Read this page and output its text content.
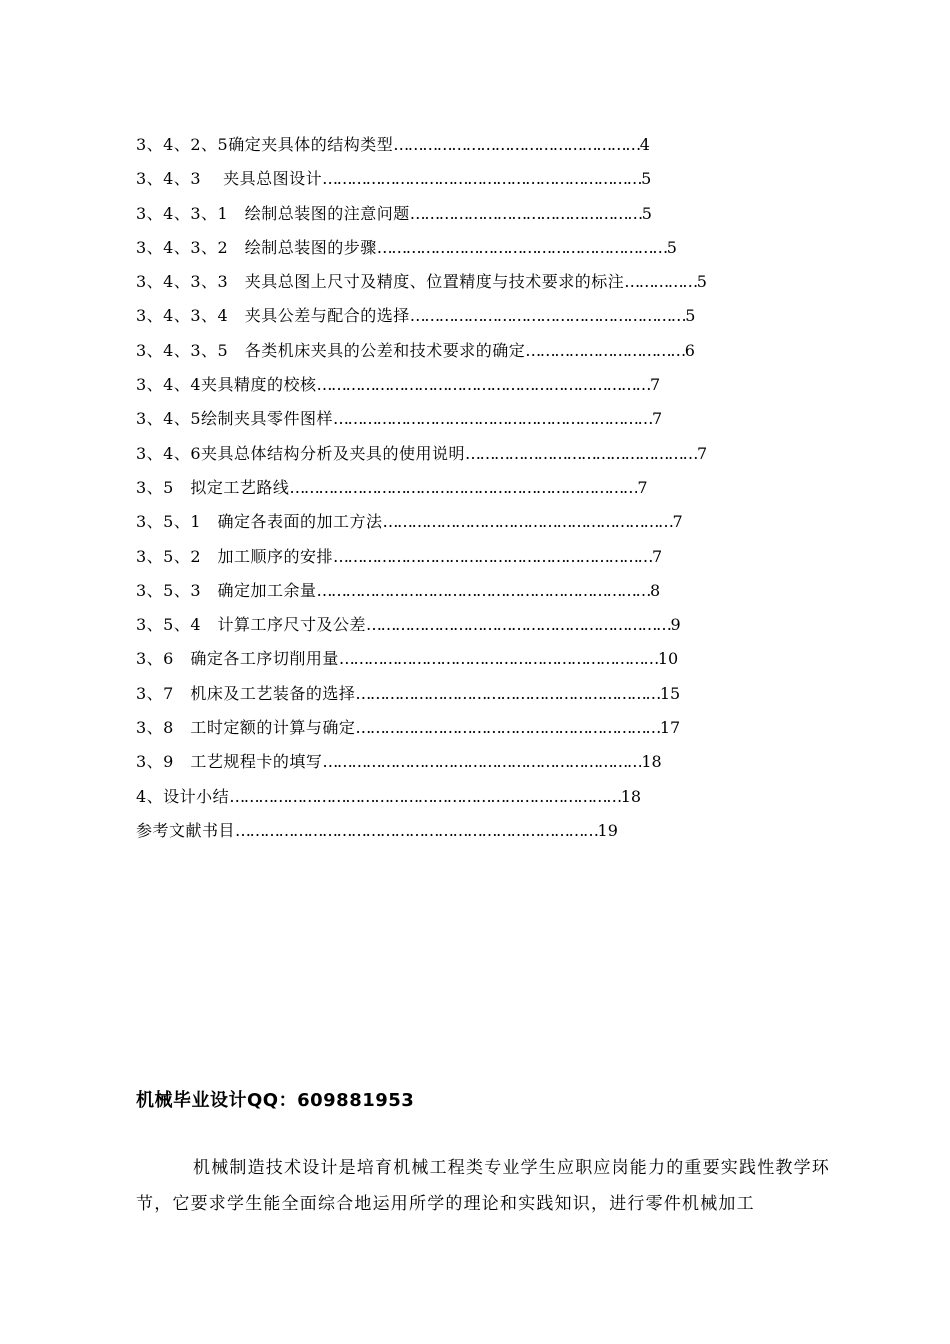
3、4、2、5确定夹具体的结构类型 …………………………………………… 4
3、4、3　 夹具总图设计 ………………………………………………………… 5
3、4、3、1　绘制总装图的注意问题 ………………………………………… 5
3、4、3、2　绘制总装图的步骤 …………………………………………………… 5
3、4、3、3　夹具总图上尺寸及精度、位置精度与技术要求的标注 …………… 5
3、4、3、4　夹具公差与配合的选择 ………………………………………………… 5
3、4、3、5　各类机床夹具的公差和技术要求的确定 …………………………… 6
3、4、4夹具精度的校核 …………………………………………………………… 7
3、4、5绘制夹具零件图样 ………………………………………………………… 7
3、4、6夹具总体结构分析及夹具的使用说明 ………………………………………… 7
3、5　拟定工艺路线 ……………………………………………………………… 7
3、5、1　确定各表面的加工方法 …………………………………………………… 7
3、5、2　加工顺序的安排 ………………………………………………………… 7
3、5、3　确定加工余量 …………………………………………………………… 8
3、5、4　计算工序尺寸及公差 ……………………………………………………… 9
3、6　确定各工序切削用量 ………………………………………………………… 10
3、7　机床及工艺装备的选择 ……………………………………………………… 15
3、8　工时定额的计算与确定 ……………………………………………………… 17
3、9　工艺规程卡的填写 ………………………………………………………… 18
4、设计小结 ……………………………………………………………………… 18
参考文献书目 ………………………………………………………………… 19
机械毕业设计QQ：609881953
机械制造技术设计是培育机械工程类专业学生应职应岗能力的重要实践性教学环节，它要求学生能全面综合地运用所学的理论和实践知识，进行零件机械加工
